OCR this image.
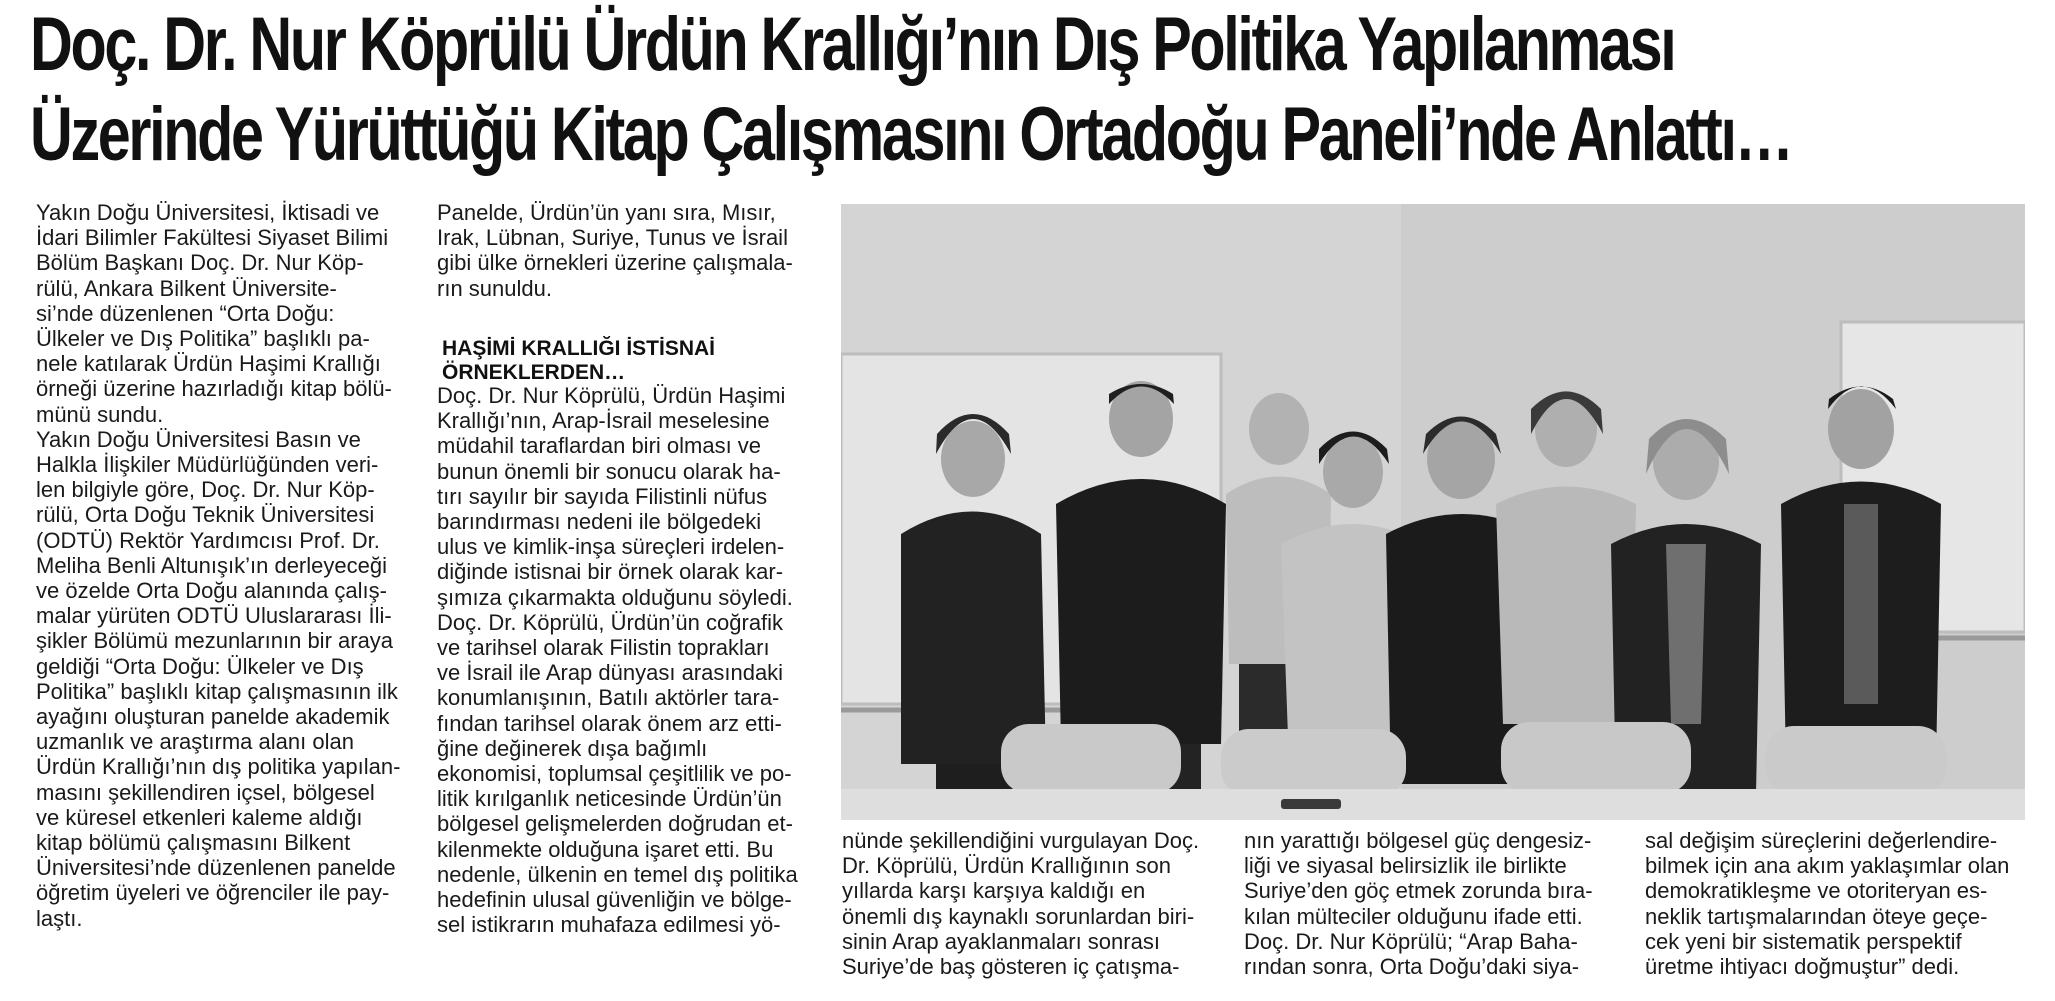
Doç. Dr. Nur Köprülü Ürdün Krallığı’nın Dış Politika Yapılanması
Üzerinde Yürüttüğü Kitap Çalışmasını Ortadoğu Paneli’nde Anlattı…

Yakın Doğu Üniversitesi, İktisadi ve

İdari Bilimler Fakültesi Siyaset Bilimi

Bölüm Başkanı Doç. Dr. Nur Köp-

rülü, Ankara Bilkent Üniversite-

si’nde düzenlenen “Orta Doğu:

Ülkeler ve Dış Politika” başlıklı pa-

nele katılarak Ürdün Haşimi Krallığı

örneği üzerine hazırladığı kitap bölü-

münü sundu.

Yakın Doğu Üniversitesi Basın ve

Halkla İlişkiler Müdürlüğünden veri-

len bilgiyle göre, Doç. Dr. Nur Köp-

rülü, Orta Doğu Teknik Üniversitesi

(ODTÜ) Rektör Yardımcısı Prof. Dr.

Meliha Benli Altunışık’ın derleyeceği

ve özelde Orta Doğu alanında çalış-

malar yürüten ODTÜ Uluslararası İli-

şikler Bölümü mezunlarının bir araya

geldiği “Orta Doğu: Ülkeler ve Dış

Politika” başlıklı kitap çalışmasının ilk

ayağını oluşturan panelde akademik

uzmanlık ve araştırma alanı olan

Ürdün Krallığı’nın dış politika yapılan-

masını şekillendiren içsel, bölgesel

ve küresel etkenleri kaleme aldığı

kitap bölümü çalışmasını Bilkent

Üniversitesi’nde düzenlenen panelde

öğretim üyeleri ve öğrenciler ile pay-

laştı.

Panelde, Ürdün’ün yanı sıra, Mısır,

Irak, Lübnan, Suriye, Tunus ve İsrail

gibi ülke örnekleri üzerine çalışmala-

rın sunuldu.

HAŞİMİ KRALLIĞI İSTİSNAİ
ÖRNEKLERDEN…

Doç. Dr. Nur Köprülü, Ürdün Haşimi

Krallığı’nın, Arap-İsrail meselesine

müdahil taraflardan biri olması ve

bunun önemli bir sonucu olarak ha-

tırı sayılır bir sayıda Filistinli nüfus

barındırması nedeni ile bölgedeki

ulus ve kimlik-inşa süreçleri irdelen-

diğinde istisnai bir örnek olarak kar-

şımıza çıkarmakta olduğunu söyledi.

Doç. Dr. Köprülü, Ürdün’ün coğrafik

ve tarihsel olarak Filistin toprakları

ve İsrail ile Arap dünyası arasındaki

konumlanışının, Batılı aktörler tara-

fından tarihsel olarak önem arz etti-

ğine değinerek dışa bağımlı

ekonomisi, toplumsal çeşitlilik ve po-

litik kırılganlık neticesinde Ürdün’ün

bölgesel gelişmelerden doğrudan et-

kilenmekte olduğuna işaret etti. Bu

nedenle, ülkenin en temel dış politika

hedefinin ulusal güvenliğin ve bölge-

sel istikrarın muhafaza edilmesi yö-

nünde şekillendiğini vurgulayan Doç.

Dr. Köprülü, Ürdün Krallığının son

yıllarda karşı karşıya kaldığı en

önemli dış kaynaklı sorunlardan biri-

sinin Arap ayaklanmaları sonrası

Suriye’de baş gösteren iç çatışma-

nın yarattığı bölgesel güç dengesiz-

liği ve siyasal belirsizlik ile birlikte

Suriye’den göç etmek zorunda bıra-

kılan mülteciler olduğunu ifade etti.

Doç. Dr. Nur Köprülü; “Arap Baha-

rından sonra, Orta Doğu’daki siya-

sal değişim süreçlerini değerlendire-

bilmek için ana akım yaklaşımlar olan

demokratikleşme ve otoriteryan es-

neklik tartışmalarından öteye geçe-

cek yeni bir sistematik perspektif

üretme ihtiyacı doğmuştur” dedi.
